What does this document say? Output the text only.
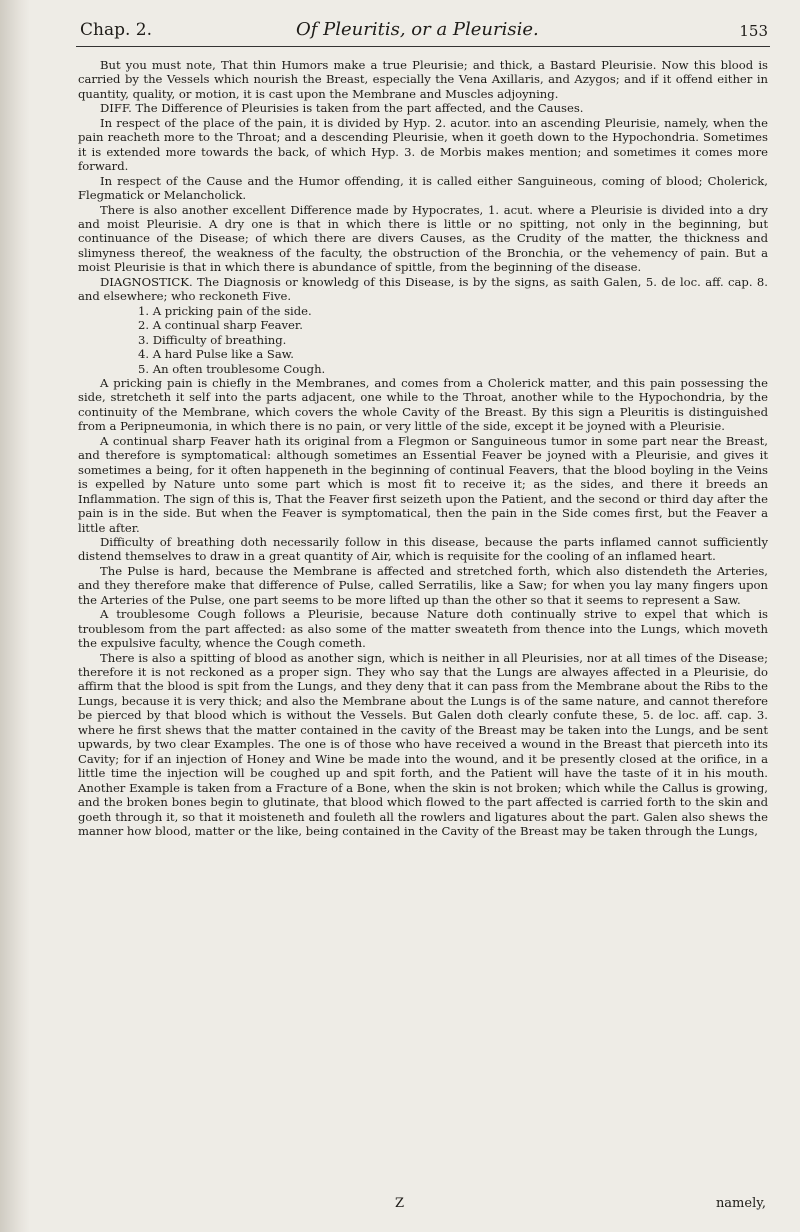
Chap. 2.	Of Pleuritis, or a Pleurisie.	153

But you must note, That thin Humors make a true Pleurisie; and thick, a Bastard Pleurisie. Now this blood is carried by the Vessels which nourish the Breast, especially the Vena Axillaris, and Azygos; and if it offend either in quantity, quality, or motion, it is cast upon the Membrane and Muscles adjoyning.

DIFF. The Difference of Pleurisies is taken from the part affected, and the Causes.

In respect of the place of the pain, it is divided by Hyp. 2. acutor. into an ascending Pleurisie, namely, when the pain reacheth more to the Throat; and a descending Pleurisie, when it goeth down to the Hypochondria. Sometimes it is extended more towards the back, of which Hyp. 3. de Morbis makes mention; and sometimes it comes more forward.

In respect of the Cause and the Humor offending, it is called either Sanguineous, coming of blood; Cholerick, Flegmatick or Melancholick.

There is also another excellent Difference made by Hypocrates, 1. acut. where a Pleurisie is divided into a dry and moist Pleurisie. A dry one is that in which there is little or no spitting, not only in the beginning, but continuance of the Disease; of which there are divers Causes, as the Crudity of the matter, the thickness and slimyness thereof, the weakness of the faculty, the obstruction of the Bronchia, or the vehemency of pain. But a moist Pleurisie is that in which there is abundance of spittle, from the beginning of the disease.

DIAGNOSTICK. The Diagnosis or knowledg of this Disease, is by the signs, as saith Galen, 5. de loc. aff. cap. 8. and elsewhere; who reckoneth Five.

1. A pricking pain of the side.

2. A continual sharp Feaver.

3. Difficulty of breathing.

4. A hard Pulse like a Saw.

5. An often troublesome Cough.

A pricking pain is chiefly in the Membranes, and comes from a Cholerick matter, and this pain possessing the side, stretcheth it self into the parts adjacent, one while to the Throat, another while to the Hypochondria, by the continuity of the Membrane, which covers the whole Cavity of the Breast. By this sign a Pleuritis is distinguished from a Peripneumonia, in which there is no pain, or very little of the side, except it be joyned with a Pleurisie.

A continual sharp Feaver hath its original from a Flegmon or Sanguineous tumor in some part near the Breast, and therefore is symptomatical: although sometimes an Essential Feaver be joyned with a Pleurisie, and gives it sometimes a being, for it often happeneth in the beginning of continual Feavers, that the blood boyling in the Veins is expelled by Nature unto some part which is most fit to receive it; as the sides, and there it breeds an Inflammation. The sign of this is, That the Feaver first seizeth upon the Patient, and the second or third day after the pain is in the side. But when the Feaver is symptomatical, then the pain in the Side comes first, but the Feaver a little after.

Difficulty of breathing doth necessarily follow in this disease, because the parts inflamed cannot sufficiently distend themselves to draw in a great quantity of Air, which is requisite for the cooling of an inflamed heart.

The Pulse is hard, because the Membrane is affected and stretched forth, which also distendeth the Arteries, and they therefore make that difference of Pulse, called Serratilis, like a Saw; for when you lay many fingers upon the Arteries of the Pulse, one part seems to be more lifted up than the other so that it seems to represent a Saw.

A troublesome Cough follows a Pleurisie, because Nature doth continually strive to expel that which is troublesom from the part affected: as also some of the matter sweateth from thence into the Lungs, which moveth the expulsive faculty, whence the Cough cometh.

There is also a spitting of blood as another sign, which is neither in all Pleurisies, nor at all times of the Disease; therefore it is not reckoned as a proper sign. They who say that the Lungs are alwayes affected in a Pleurisie, do affirm that the blood is spit from the Lungs, and they deny that it can pass from the Membrane about the Ribs to the Lungs, because it is very thick; and also the Membrane about the Lungs is of the same nature, and cannot therefore be pierced by that blood which is without the Vessels. But Galen doth clearly confute these, 5. de loc. aff. cap. 3. where he first shews that the matter contained in the cavity of the Breast may be taken into the Lungs, and be sent upwards, by two clear Examples. The one is of those who have received a wound in the Breast that pierceth into its Cavity; for if an injection of Honey and Wine be made into the wound, and it be presently closed at the orifice, in a little time the injection will be coughed up and spit forth, and the Patient will have the taste of it in his mouth. Another Example is taken from a Fracture of a Bone, when the skin is not broken; which while the Callus is growing, and the broken bones begin to glutinate, that blood which flowed to the part affected is carried forth to the skin and goeth through it, so that it moisteneth and fouleth all the rowlers and ligatures about the part. Galen also shews the manner how blood, matter or the like, being contained in the Cavity of the Breast may be taken through the Lungs,

Z	namely,
